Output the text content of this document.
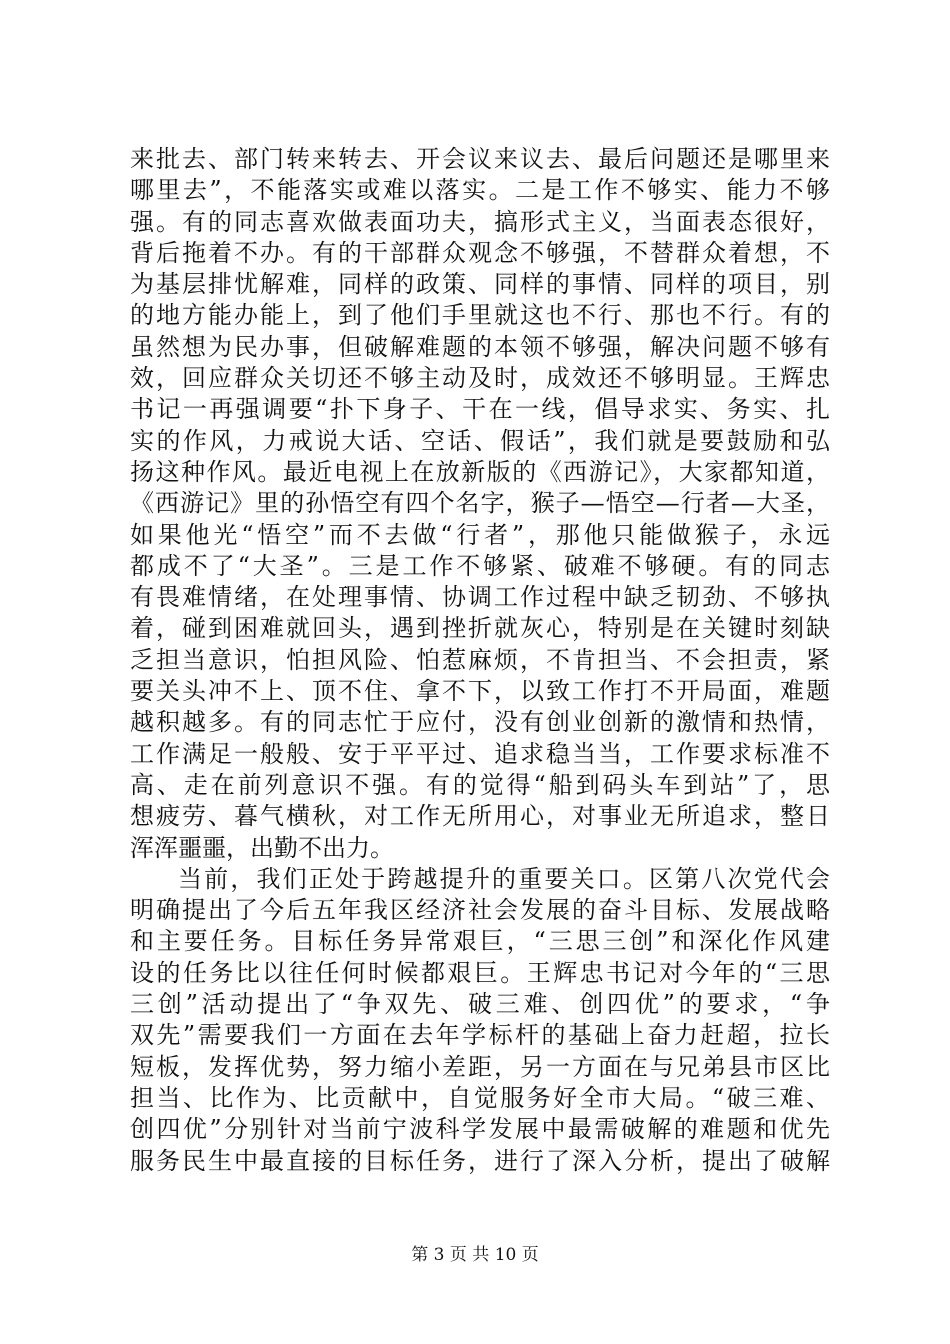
来批去、部门转来转去、开会议来议去、最后问题还是哪里来
哪里去”，不能落实或难以落实。二是工作不够实、能力不够
强。有的同志喜欢做表面功夫，搞形式主义，当面表态很好，
背后拖着不办。有的干部群众观念不够强，不替群众着想，不
为基层排忧解难，同样的政策、同样的事情、同样的项目，别
的地方能办能上，到了他们手里就这也不行、那也不行。有的
虽然想为民办事，但破解难题的本领不够强，解决问题不够有
效，回应群众关切还不够主动及时，成效还不够明显。王辉忠
书记一再强调要“扑下身子、干在一线，倡导求实、务实、扎
实的作风，力戒说大话、空话、假话”，我们就是要鼓励和弘
扬这种作风。最近电视上在放新版的《西游记》，大家都知道，
《西游记》里的孙悟空有四个名字，猴子—悟空—行者—大圣，
如果他光“悟空”而不去做“行者”，那他只能做猴子，永远
都成不了“大圣”。三是工作不够紧、破难不够硬。有的同志
有畏难情绪，在处理事情、协调工作过程中缺乏韧劲、不够执
着，碰到困难就回头，遇到挫折就灰心，特别是在关键时刻缺
乏担当意识，怕担风险、怕惹麻烦，不肯担当、不会担责，紧
要关头冲不上、顶不住、拿不下，以致工作打不开局面，难题
越积越多。有的同志忙于应付，没有创业创新的激情和热情，
工作满足一般般、安于平平过、追求稳当当，工作要求标准不
高、走在前列意识不强。有的觉得“船到码头车到站”了，思
想疲劳、暮气横秋，对工作无所用心，对事业无所追求，整日
浑浑噩噩，出勤不出力。
当前，我们正处于跨越提升的重要关口。区第八次党代会
明确提出了今后五年我区经济社会发展的奋斗目标、发展战略
和主要任务。目标任务异常艰巨，“三思三创”和深化作风建
设的任务比以往任何时候都艰巨。王辉忠书记对今年的“三思
三创”活动提出了“争双先、破三难、创四优”的要求，“争
双先”需要我们一方面在去年学标杆的基础上奋力赶超，拉长
短板，发挥优势，努力缩小差距，另一方面在与兄弟县市区比
担当、比作为、比贡献中，自觉服务好全市大局。“破三难、
创四优”分别针对当前宁波科学发展中最需破解的难题和优先
服务民生中最直接的目标任务，进行了深入分析，提出了破解
第 3 页 共 10 页
